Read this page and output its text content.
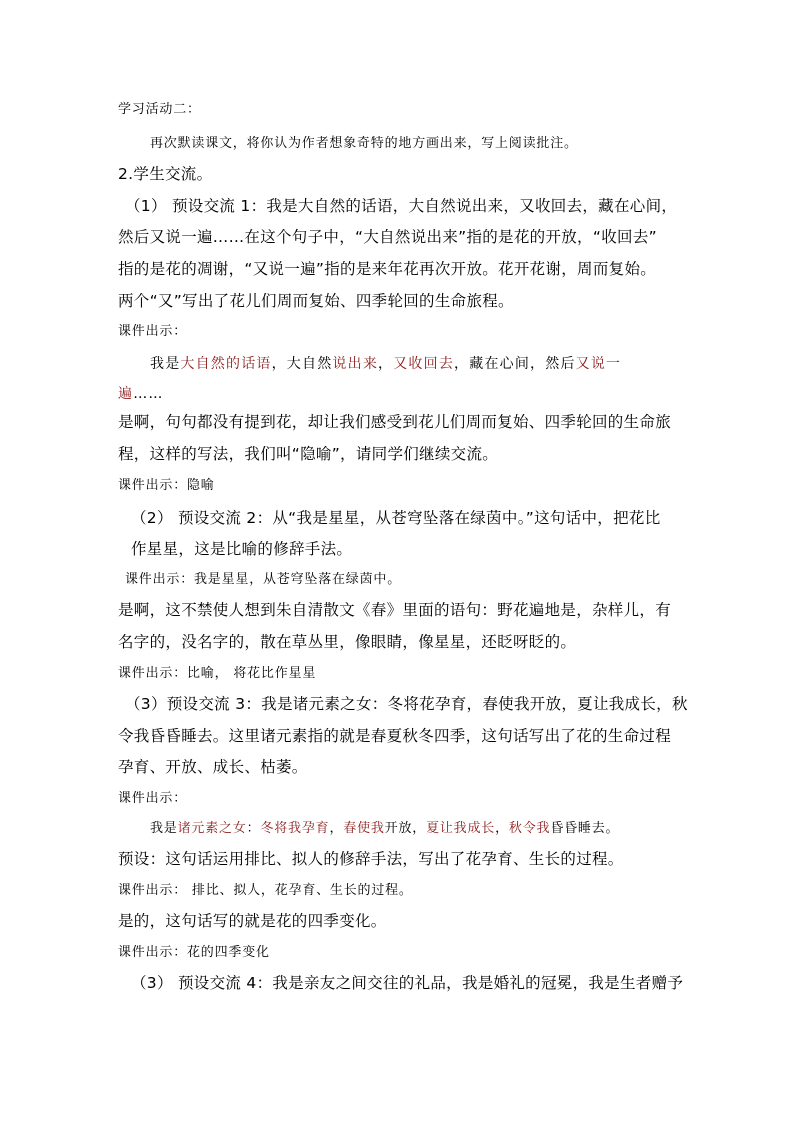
学习活动二：
再次默读课文，将你认为作者想象奇特的地方画出来，写上阅读批注。
2.学生交流。
（1） 预设交流 1：我是大自然的话语，大自然说出来，又收回去，藏在心间，
然后又说一遍……在这个句子中，“大自然说出来”指的是花的开放，“收回去”
指的是花的凋谢，“又说一遍”指的是来年花再次开放。花开花谢，周而复始。
两个“又”写出了花儿们周而复始、四季轮回的生命旅程。
课件出示：
我是大自然的话语，大自然说出来，又收回去，藏在心间，然后又说一
遍……
是啊，句句都没有提到花，却让我们感受到花儿们周而复始、四季轮回的生命旅
程，这样的写法，我们叫“隐喻”，请同学们继续交流。
课件出示：隐喻
（2） 预设交流 2：从“我是星星，从苍穹坠落在绿茵中。”这句话中，把花比
作星星，这是比喻的修辞手法。
课件出示：我是星星，从苍穹坠落在绿茵中。
是啊，这不禁使人想到朱自清散文《春》里面的语句：野花遍地是，杂样儿，有
名字的，没名字的，散在草丛里，像眼睛，像星星，还眨呀眨的。
课件出示：比喻， 将花比作星星
（3）预设交流 3：我是诸元素之女：冬将花孕育，春使我开放，夏让我成长，秋
令我昏昏睡去。这里诸元素指的就是春夏秋冬四季，这句话写出了花的生命过程
孕育、开放、成长、枯萎。
课件出示：
我是诸元素之女：冬将我孕育，春使我开放，夏让我成长，秋令我昏昏睡去。
预设：这句话运用排比、拟人的修辞手法，写出了花孕育、生长的过程。
课件出示： 排比、拟人，花孕育、生长的过程。
是的，这句话写的就是花的四季变化。
课件出示：花的四季变化
（3） 预设交流 4：我是亲友之间交往的礼品，我是婚礼的冠冕，我是生者赠予
